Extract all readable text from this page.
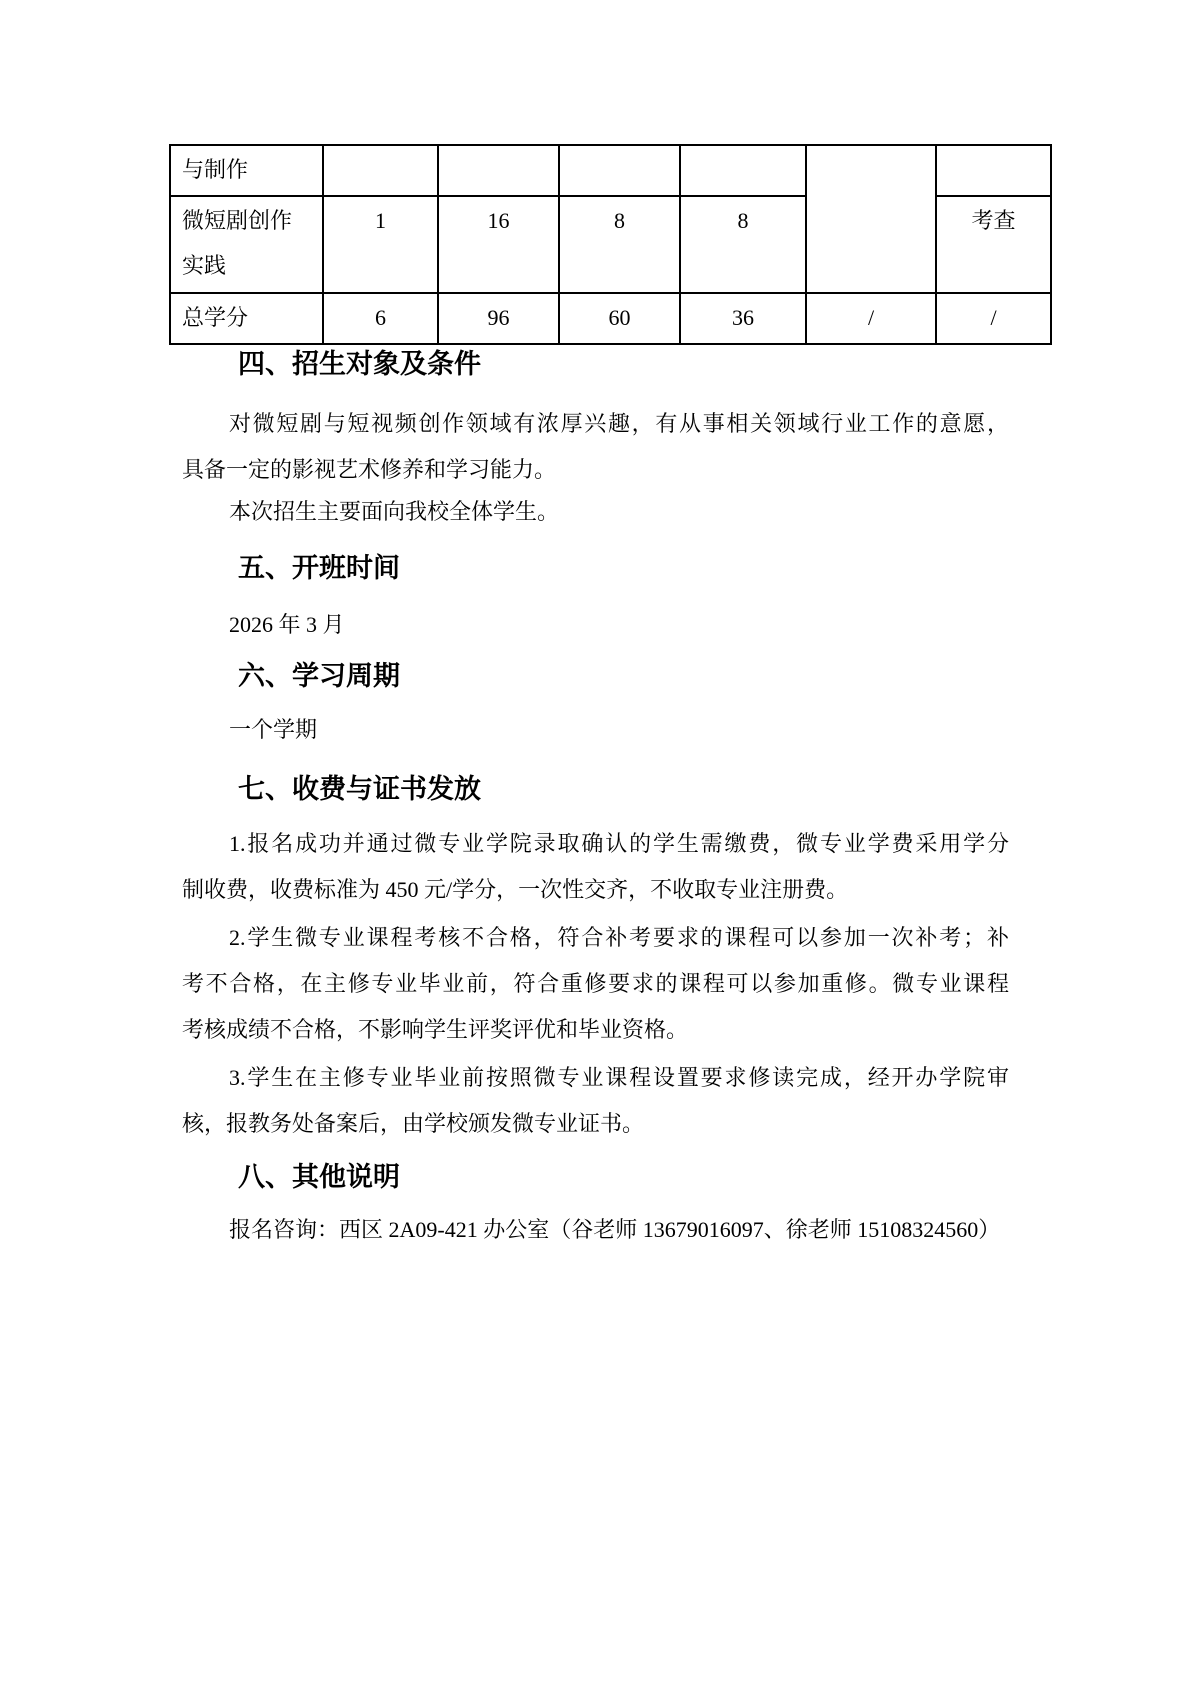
与制作						

微短剧创作
实践	1	16	8	8		考查
总学分	6	96	60	36	/	/
四、招生对象及条件
对微短剧与短视频创作领域有浓厚兴趣，有从事相关领域行业工作的意愿，
具备一定的影视艺术修养和学习能力。
本次招生主要面向我校全体学生。
五、开班时间
2026 年 3 月
六、学习周期
一个学期
七、收费与证书发放
1.报名成功并通过微专业学院录取确认的学生需缴费，微专业学费采用学分
制收费，收费标准为 450 元/学分，一次性交齐，不收取专业注册费。
2.学生微专业课程考核不合格，符合补考要求的课程可以参加一次补考；补
考不合格，在主修专业毕业前，符合重修要求的课程可以参加重修。微专业课程
考核成绩不合格，不影响学生评奖评优和毕业资格。
3.学生在主修专业毕业前按照微专业课程设置要求修读完成，经开办学院审
核，报教务处备案后，由学校颁发微专业证书。
八、其他说明
报名咨询：西区 2A09-421 办公室（谷老师 13679016097、徐老师 15108324560）
